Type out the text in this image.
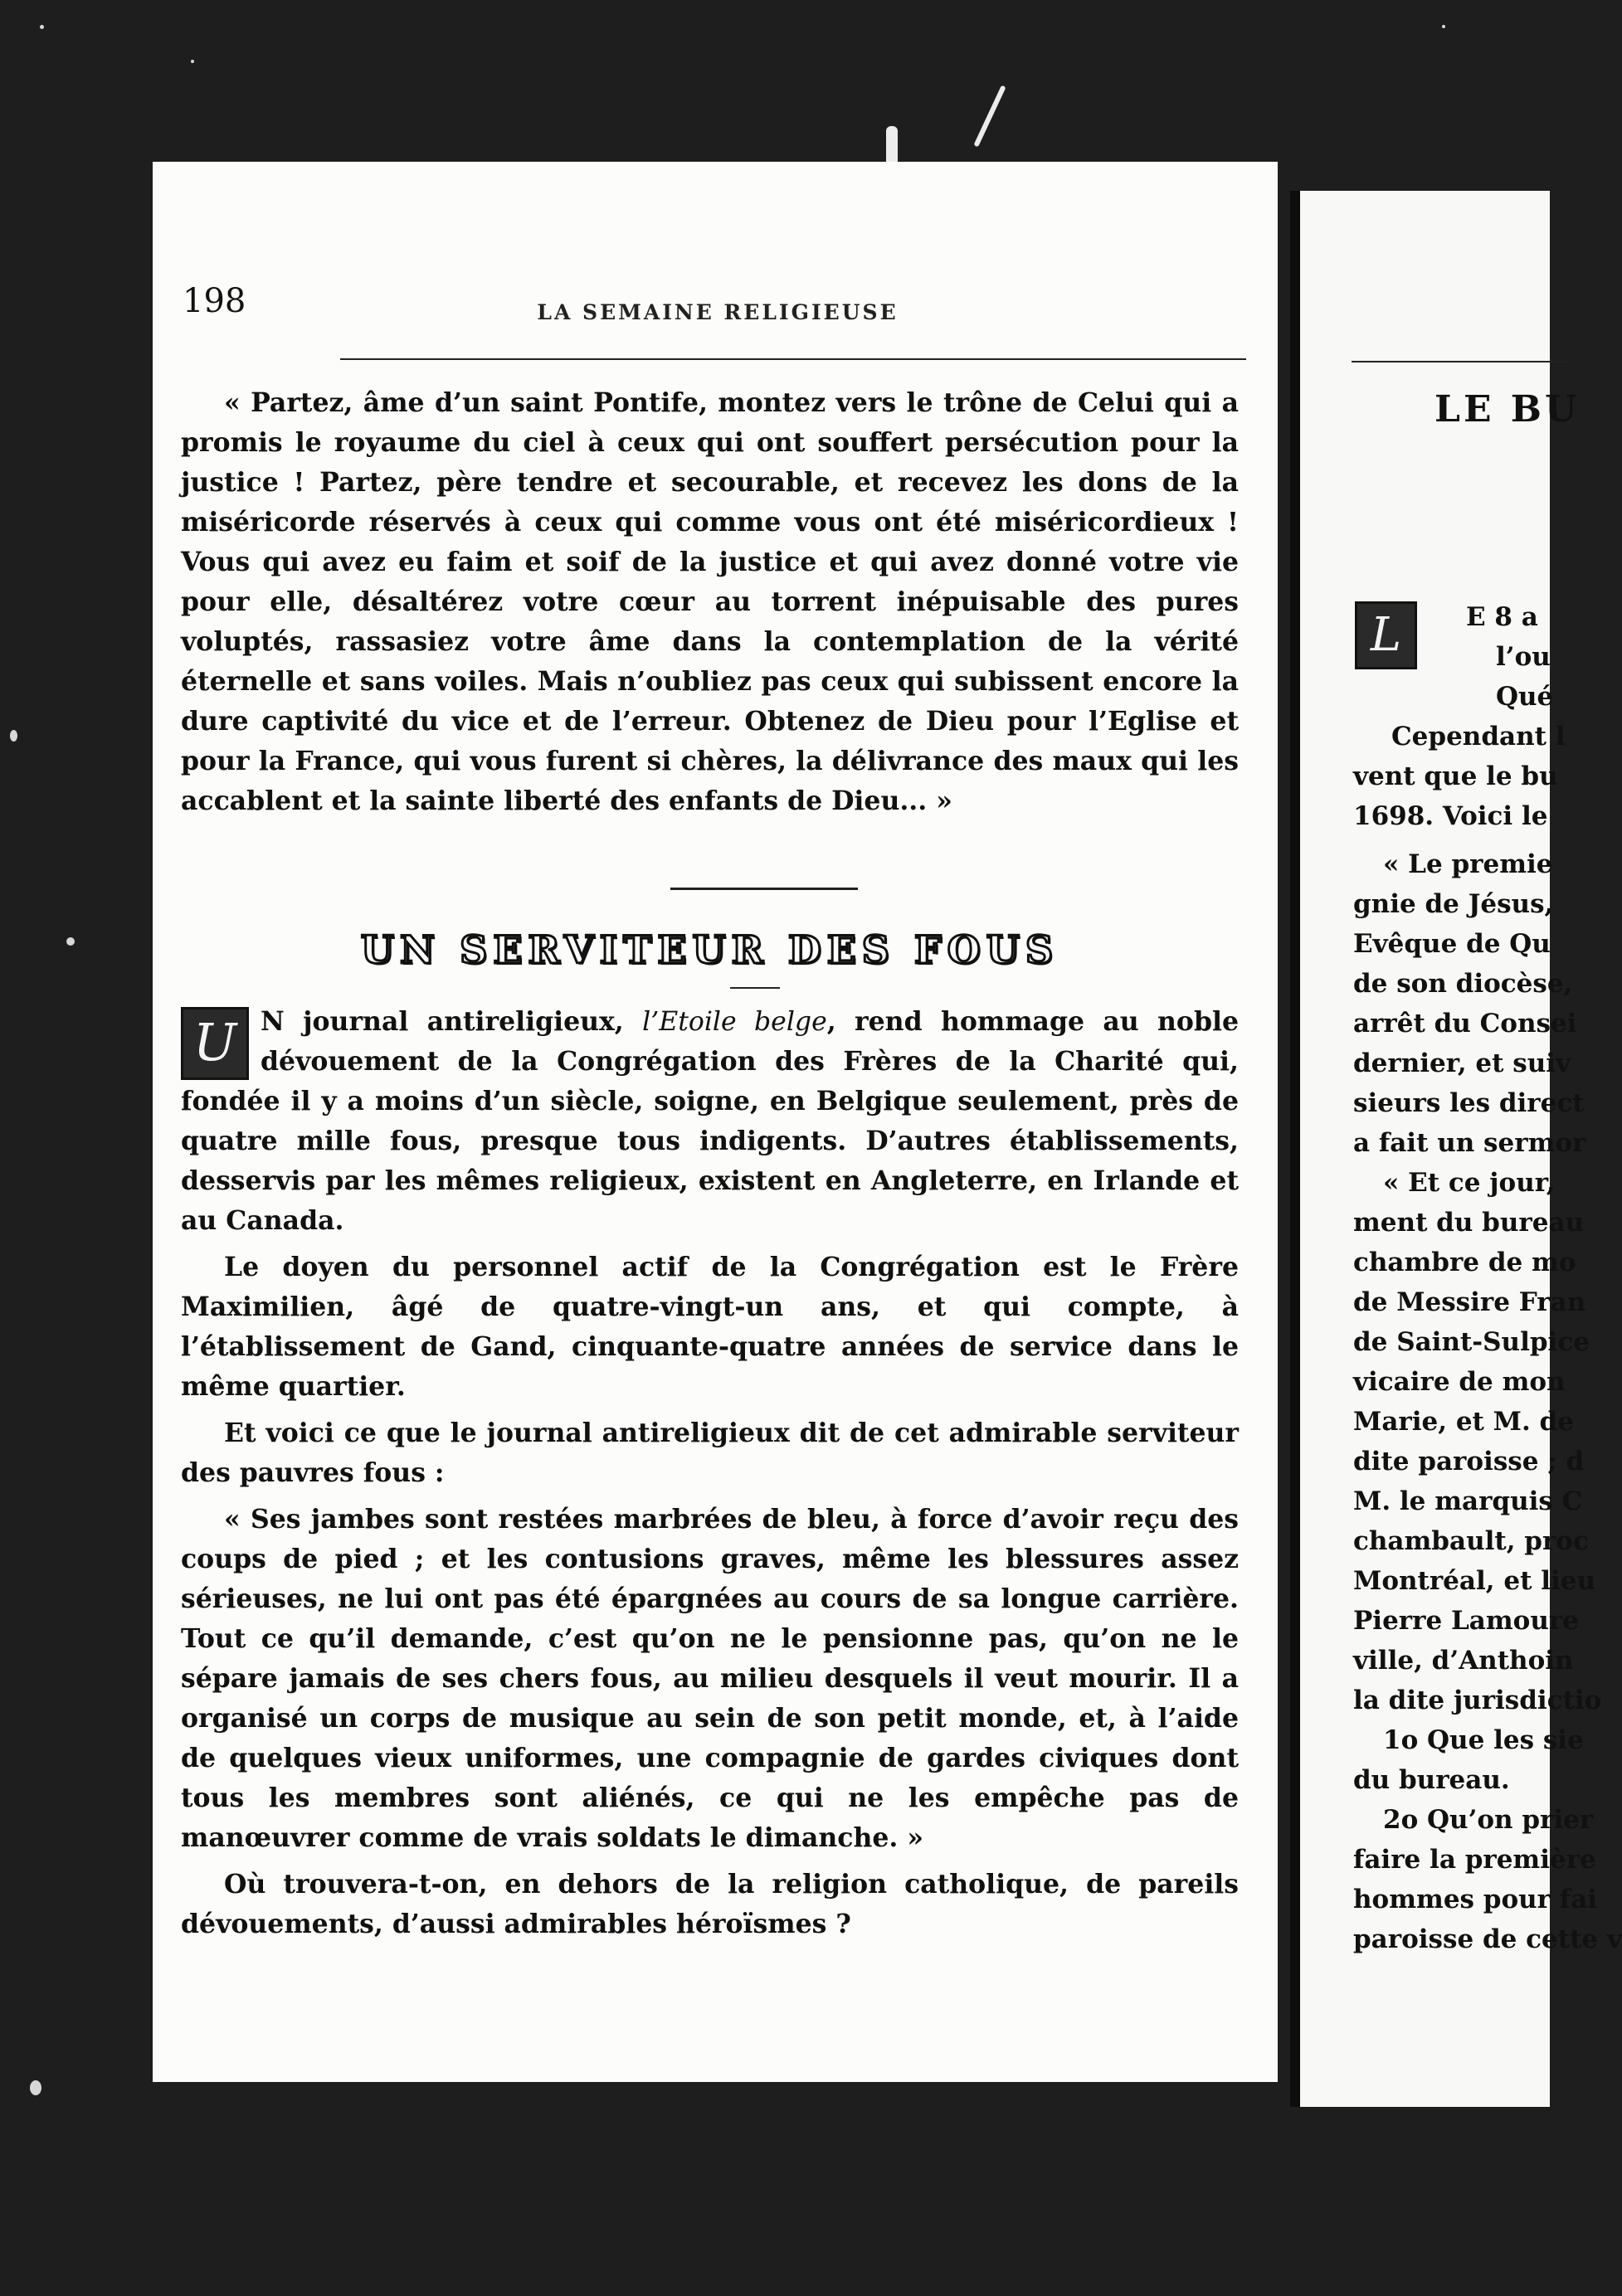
198	LA SEMAINE RELIGIEUSE

« Partez, âme d’un saint Pontife, montez vers le trône de Celui qui a promis le royaume du ciel à ceux qui ont souffert persécution pour la justice ! Partez, père tendre et secourable, et recevez les dons de la miséricorde réservés à ceux qui comme vous ont été miséricordieux ! Vous qui avez eu faim et soif de la justice et qui avez donné votre vie pour elle, désaltérez votre cœur au torrent inépuisable des pures voluptés, rassasiez votre âme dans la contemplation de la vérité éternelle et sans voiles. Mais n’oubliez pas ceux qui subissent encore la dure captivité du vice et de l’erreur. Obtenez de Dieu pour l’Eglise et pour la France, qui vous furent si chères, la délivrance des maux qui les accablent et la sainte liberté des enfants de Dieu... »

UN SERVITEUR DES FOUS

U N journal antireligieux, l’Etoile belge, rend hommage au noble dévouement de la Congrégation des Frères de la Charité qui, fondée il y a moins d’un siècle, soigne, en Belgique seulement, près de quatre mille fous, presque tous indigents. D’autres établissements, desservis par les mêmes religieux, existent en Angleterre, en Irlande et au Canada.

Le doyen du personnel actif de la Congrégation est le Frère Maximilien, âgé de quatre-vingt-un ans, et qui compte, à l’établissement de Gand, cinquante-quatre années de service dans le même quartier.

Et voici ce que le journal antireligieux dit de cet admirable serviteur des pauvres fous :

« Ses jambes sont restées marbrées de bleu, à force d’avoir reçu des coups de pied ; et les contusions graves, même les blessures assez sérieuses, ne lui ont pas été épargnées au cours de sa longue carrière. Tout ce qu’il demande, c’est qu’on ne le pensionne pas, qu’on ne le sépare jamais de ses chers fous, au milieu desquels il veut mourir. Il a organisé un corps de musique au sein de son petit monde, et, à l’aide de quelques vieux uniformes, une compagnie de gardes civiques dont tous les membres sont aliénés, ce qui ne les empêche pas de manœuvrer comme de vrais soldats le dimanche. »

Où trouvera-t-on, en dehors de la religion catholique, de pareils dévouements, d’aussi admirables héroïsmes ?

LE BU
L	E 8 a
l’ou
Qué
Cependant l
vent que le bu
1698. Voici le
« Le premie
gnie de Jésus,
Evêque de Qu
de son diocèse,
arrêt du Consei
dernier, et suiv
sieurs les direct
a fait un sermor
« Et ce jour,
ment du bureau
chambre de mo
de Messire Fran
de Saint-Sulpice
vicaire de mon
Marie, et M. de
dite paroisse ; d
M. le marquis C
chambault, proc
Montréal, et lieu
Pierre Lamoure
ville, d’Anthoin
la dite jurisdictio
1o Que les sie
du bureau.
2o Qu’on prier
faire la première
hommes pour fai
paroisse de cette v
